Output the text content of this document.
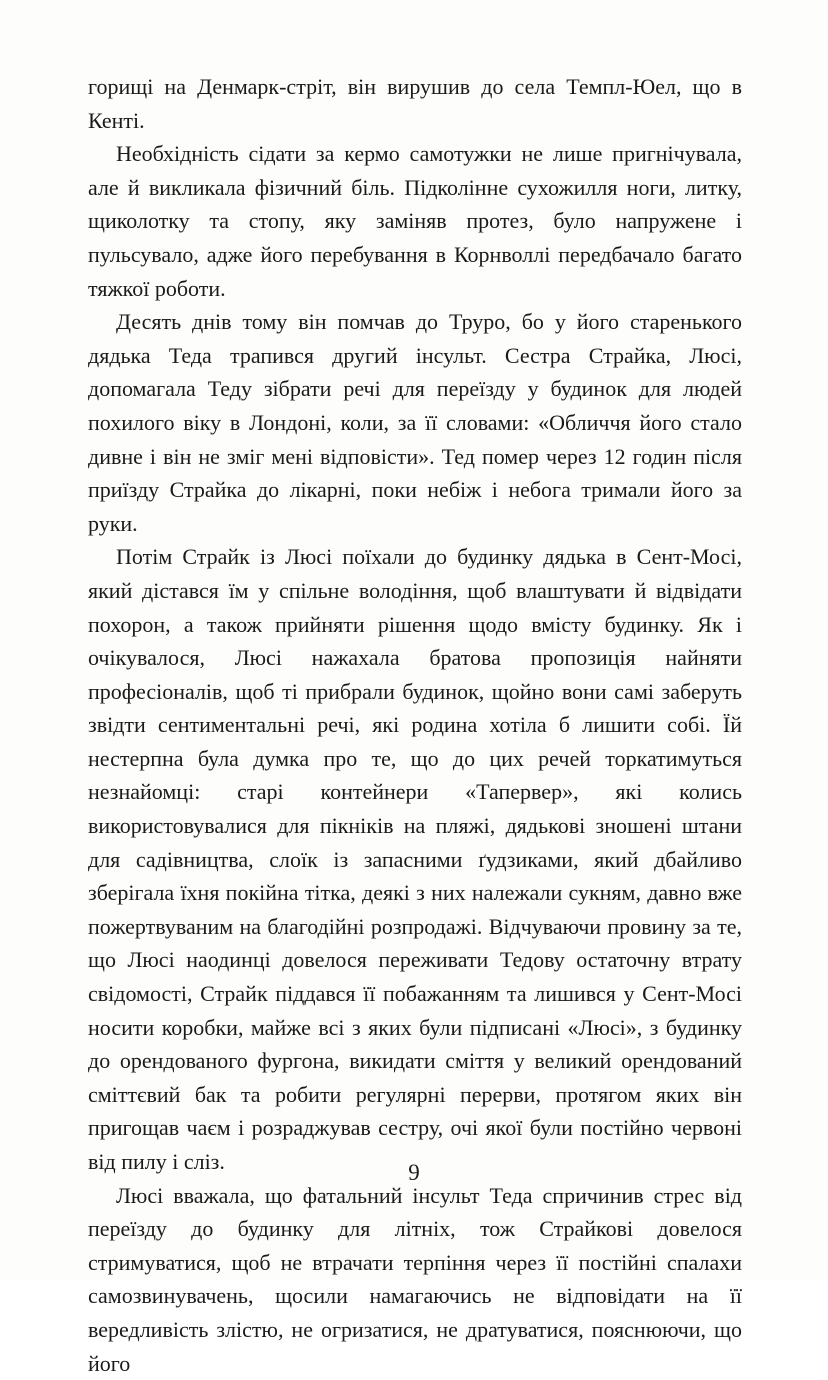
горищі на Денмарк-стріт, він вирушив до села Темпл-Юел, що в Кенті.

Необхідність сідати за кермо самотужки не лише пригнічувала, але й викликала фізичний біль. Підколінне сухожилля ноги, литку, щиколотку та стопу, яку заміняв протез, було напружене і пульсувало, адже його перебування в Корнволлі передбачало багато тяжкої роботи.

Десять днів тому він помчав до Труро, бо у його старенького дядька Теда трапився другий інсульт. Сестра Страйка, Люсі, допомагала Теду зібрати речі для переїзду у будинок для людей похилого віку в Лондоні, коли, за її словами: «Обличчя його стало дивне і він не зміг мені відповісти». Тед помер через 12 годин після приїзду Страйка до лікарні, поки небіж і небога тримали його за руки.

Потім Страйк із Люсі поїхали до будинку дядька в Сент-Мосі, який дістався їм у спільне володіння, щоб влаштувати й відвідати похорон, а також прийняти рішення щодо вмісту будинку. Як і очікувалося, Люсі нажахала братова пропозиція найняти професіоналів, щоб ті прибрали будинок, щойно вони самі заберуть звідти сентиментальні речі, які родина хотіла б лишити собі. Їй нестерпна була думка про те, що до цих речей торкатимуться незнайомці: старі контейнери «Тапервер», які колись використовувалися для пікніків на пляжі, дядькові зношені штани для садівництва, слоїк із запасними ґудзиками, який дбайливо зберігала їхня покійна тітка, деякі з них належали сукням, давно вже пожертвуваним на благодійні розпродажі. Відчуваючи провину за те, що Люсі наодинці довелося переживати Тедову остаточну втрату свідомості, Страйк піддався її побажанням та лишився у Сент-Мосі носити коробки, майже всі з яких були підписані «Люсі», з будинку до орендованого фургона, викидати сміття у великий орендований сміттєвий бак та робити регулярні перерви, протягом яких він пригощав чаєм і розраджував сестру, очі якої були постійно червоні від пилу і сліз.

Люсі вважала, що фатальний інсульт Теда спричинив стрес від переїзду до будинку для літніх, тож Страйкові довелося стримуватися, щоб не втрачати терпіння через її постійні спалахи самозвинувачень, щосили намагаючись не відповідати на її вередливість злістю, не огризатися, не дратуватися, пояснюючи, що його

9
